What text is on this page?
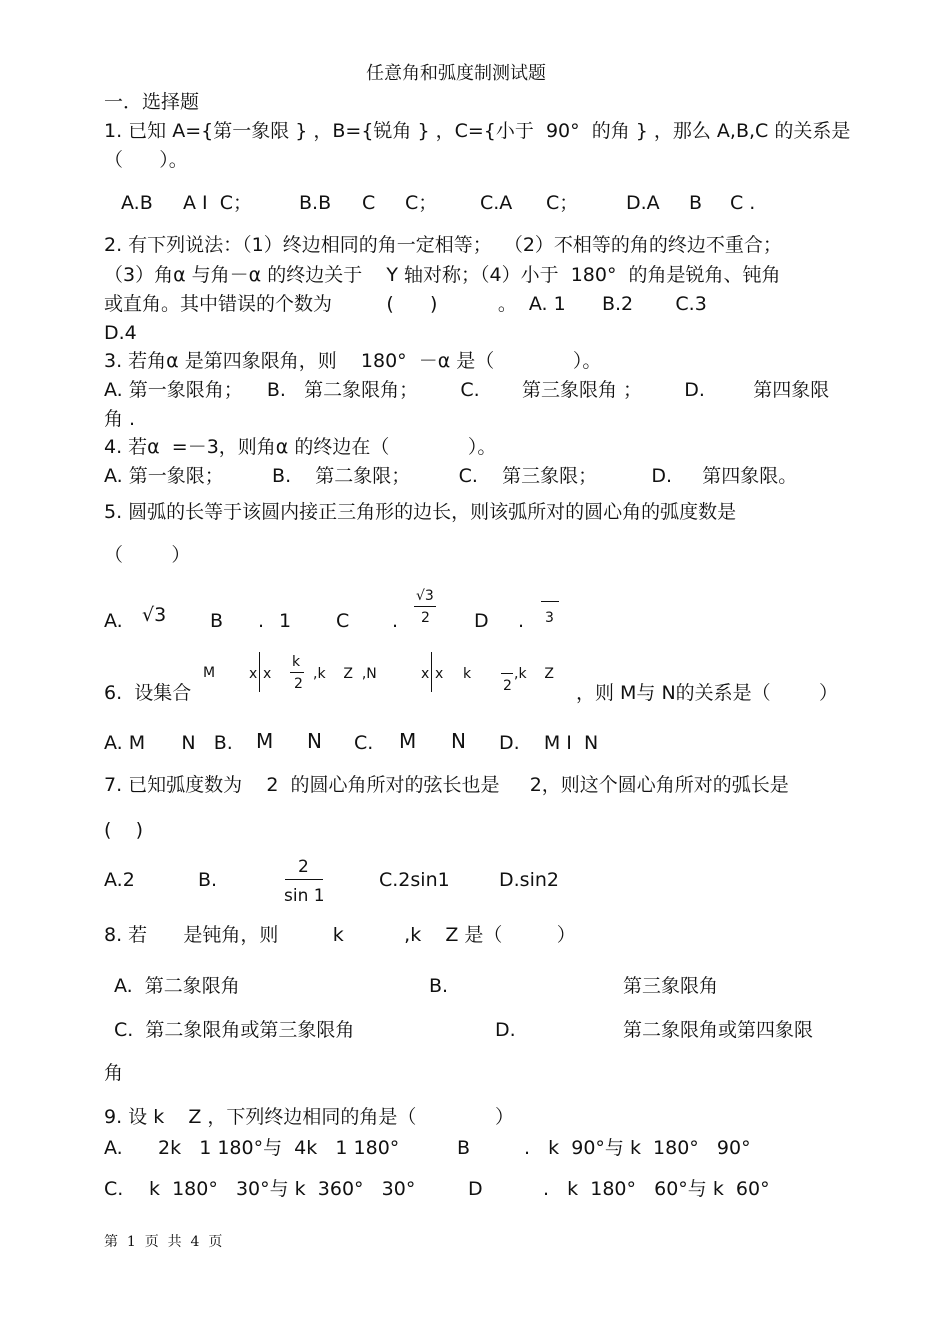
任意角和弧度制测试题
一．选择题
1. 已知 A={第一象限 } ，B={锐角 } ，C={小于  90°  的角 } ，那么 A,B,C 的关系是
（      ）。
A.B A I  C； B.B C C； C.A C；	D.A B C .
2. 有下列说法：（1）终边相同的角一定相等；  （2）不相等的角的终边不重合；
（3）角α 与角－α 的终边关于    Y 轴对称；（4）小于  180°  的角是锐角、钝角
或直角。其中错误的个数为         (      )          。  A. 1      B.2       C.3
D.4
3. 若角α 是第四象限角，则    180°  －α 是（             ）。
A. 第一象限角；    B.   第二象限角；       C.       第三象限角 ；       D.        第四象限
角 .
4. 若α  =－3，则角α 的终边在（             ）。
A. 第一象限；        B.    第二象限；        C.    第三象限；         D.     第四象限。
5. 圆弧的长等于该圆内接正三角形的边长，则该弧所对的圆心角的弧度数是
（        ）
A. √3 B . 1 C .
√3
2 D . 3
6.  设集合
M x x
k
2
,k    Z  ,N	x x k
2
,k    Z
，则 M与 N的关系是（        ）
A. M      N   B. M N C. M N D.    M I  N
7. 已知弧度数为    2  的圆心角所对的弦长也是     2，则这个圆心角所对的弧长是
(    )
A.2	B.
2
sin 1
C.2sin1	D.sin2
8. 若      是钝角，则         k          ,k    Z 是（         ）
A.  第二象限角	B.	第三象限角
C.  第二象限角或第三象限角	D.	第二象限角或第四象限
角
9. 设 k    Z ，下列终边相同的角是（             ）
A. 2k   1 180°与  4k   1 180°	B	.   k  90°与 k  180°   90°
C. k  180°   30°与 k  360°   30°	D	.   k  180°   60°与 k  60°
第  1  页  共  4  页
